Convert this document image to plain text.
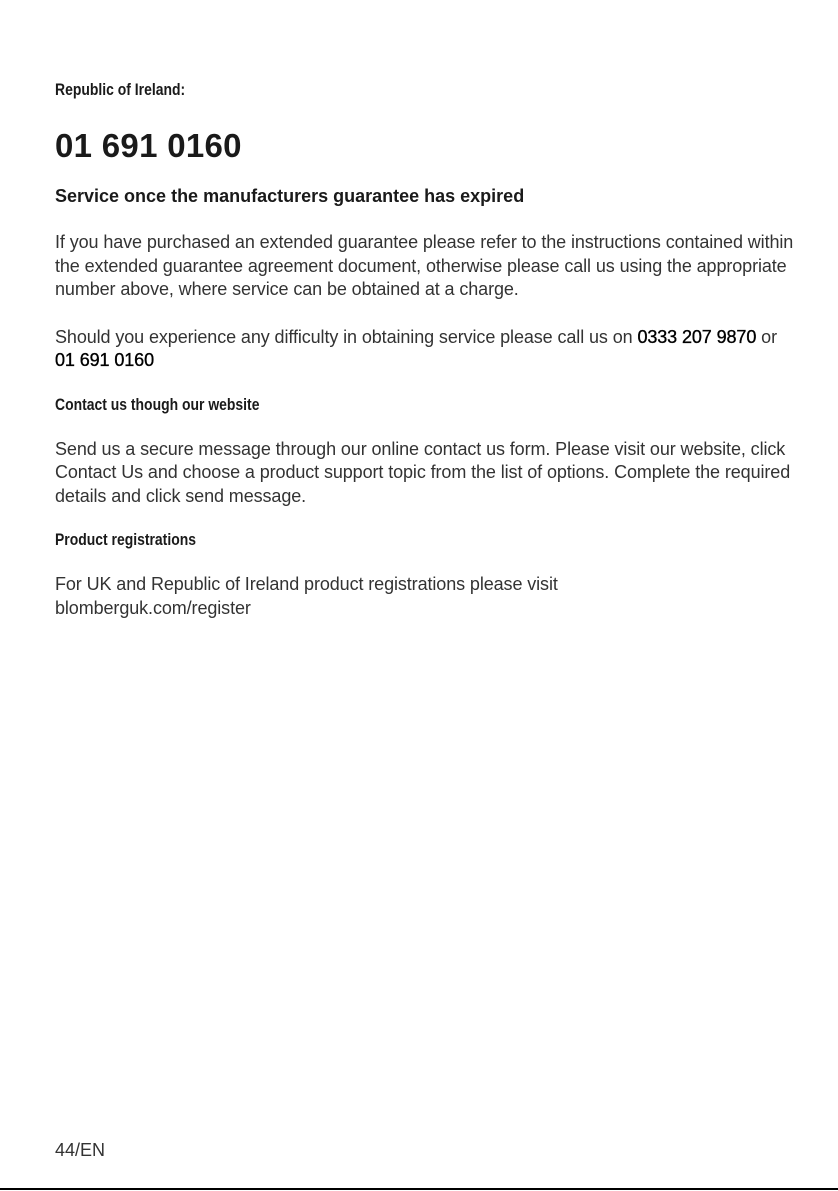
Republic of Ireland:

01 691 0160

Service once the manufacturers guarantee has expired

If you have purchased an extended guarantee please refer to the instructions contained within the extended guarantee agreement document, otherwise please call us using the appropriate number above, where service can be obtained at a charge.

Should you experience any difficulty in obtaining service please call us on 0333 207 9870 or 01 691 0160

Contact us though our website

Send us a secure message through our online contact us form. Please visit our website, click Contact Us and choose a product support topic from the list of options. Complete the required details and click send message.

Product registrations

For UK and Republic of Ireland product registrations please visit
blomberguk.com/register

44/EN
